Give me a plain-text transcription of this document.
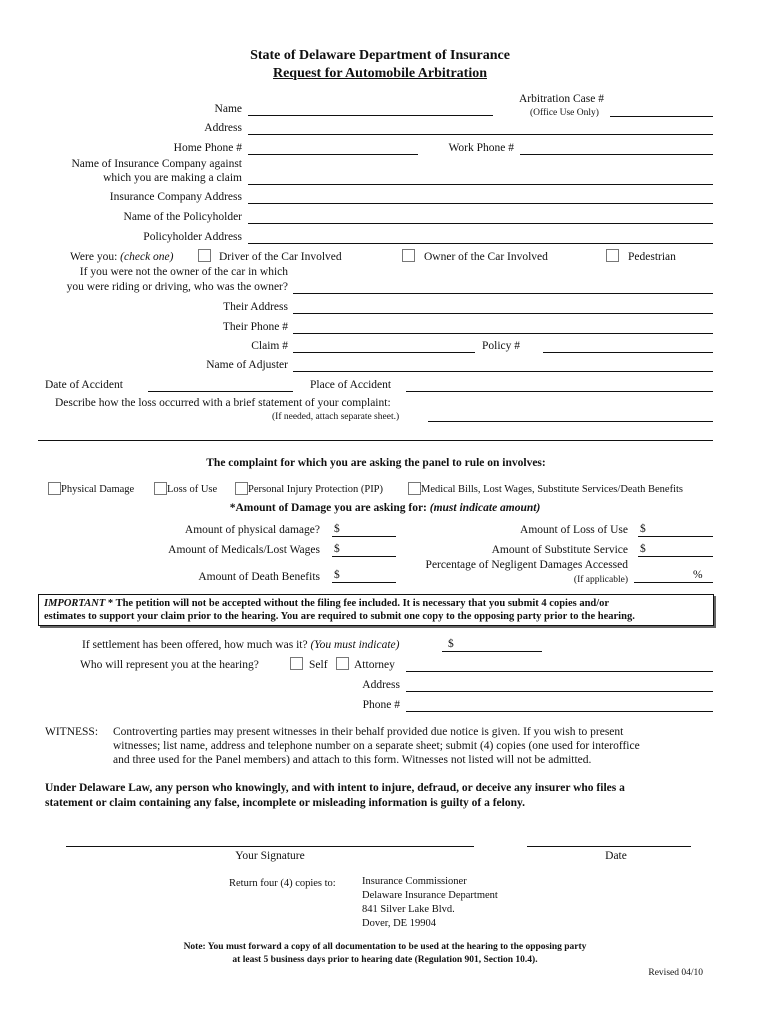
State of Delaware Department of Insurance
Request for Automobile Arbitration
Arbitration Case #
(Office Use Only)
Name
Address
Home Phone #	Work Phone #
Name of Insurance Company against
which you are making a claim
Insurance Company Address
Name of the Policyholder
Policyholder Address
Were you: (check one)	Driver of the Car Involved	Owner of the Car Involved	Pedestrian
If you were not the owner of the car in which
you were riding or driving, who was the owner?
Their Address
Their Phone #
Claim #	Policy #
Name of Adjuster
Date of Accident	Place of Accident
Describe how the loss occurred with a brief statement of your complaint:
(If needed, attach separate sheet.)
The complaint for which you are asking the panel to rule on involves:
Physical Damage	Loss of Use	Personal Injury Protection (PIP)	Medical Bills, Lost Wages, Substitute Services/Death Benefits
*Amount of Damage you are asking for: (must indicate amount)
Amount of physical damage? $
Amount of Medicals/Lost Wages $
Amount of Death Benefits $
Amount of Loss of Use $
Amount of Substitute Service $
Percentage of Negligent Damages Accessed
(If applicable)	%
IMPORTANT * The petition will not be accepted without the filing fee included. It is necessary that you submit 4 copies and/or
estimates to support your claim prior to the hearing. You are required to submit one copy to the opposing party prior to the hearing.
If settlement has been offered, how much was it? (You must indicate)	$
Who will represent you at the hearing?	Self Attorney
Address
Phone #
WITNESS: Controverting parties may present witnesses in their behalf provided due notice is given. If you wish to present
witnesses; list name, address and telephone number on a separate sheet; submit (4) copies (one used for interoffice
and three used for the Panel members) and attach to this form. Witnesses not listed will not be admitted.
Under Delaware Law, any person who knowingly, and with intent to injure, defraud, or deceive any insurer who files a
statement or claim containing any false, incomplete or misleading information is guilty of a felony.
Your Signature	Date
Return four (4) copies to:	Insurance Commissioner
Delaware Insurance Department
841 Silver Lake Blvd.
Dover, DE 19904
Note: You must forward a copy of all documentation to be used at the hearing to the opposing party
at least 5 business days prior to hearing date (Regulation 901, Section 10.4).
Revised 04/10
